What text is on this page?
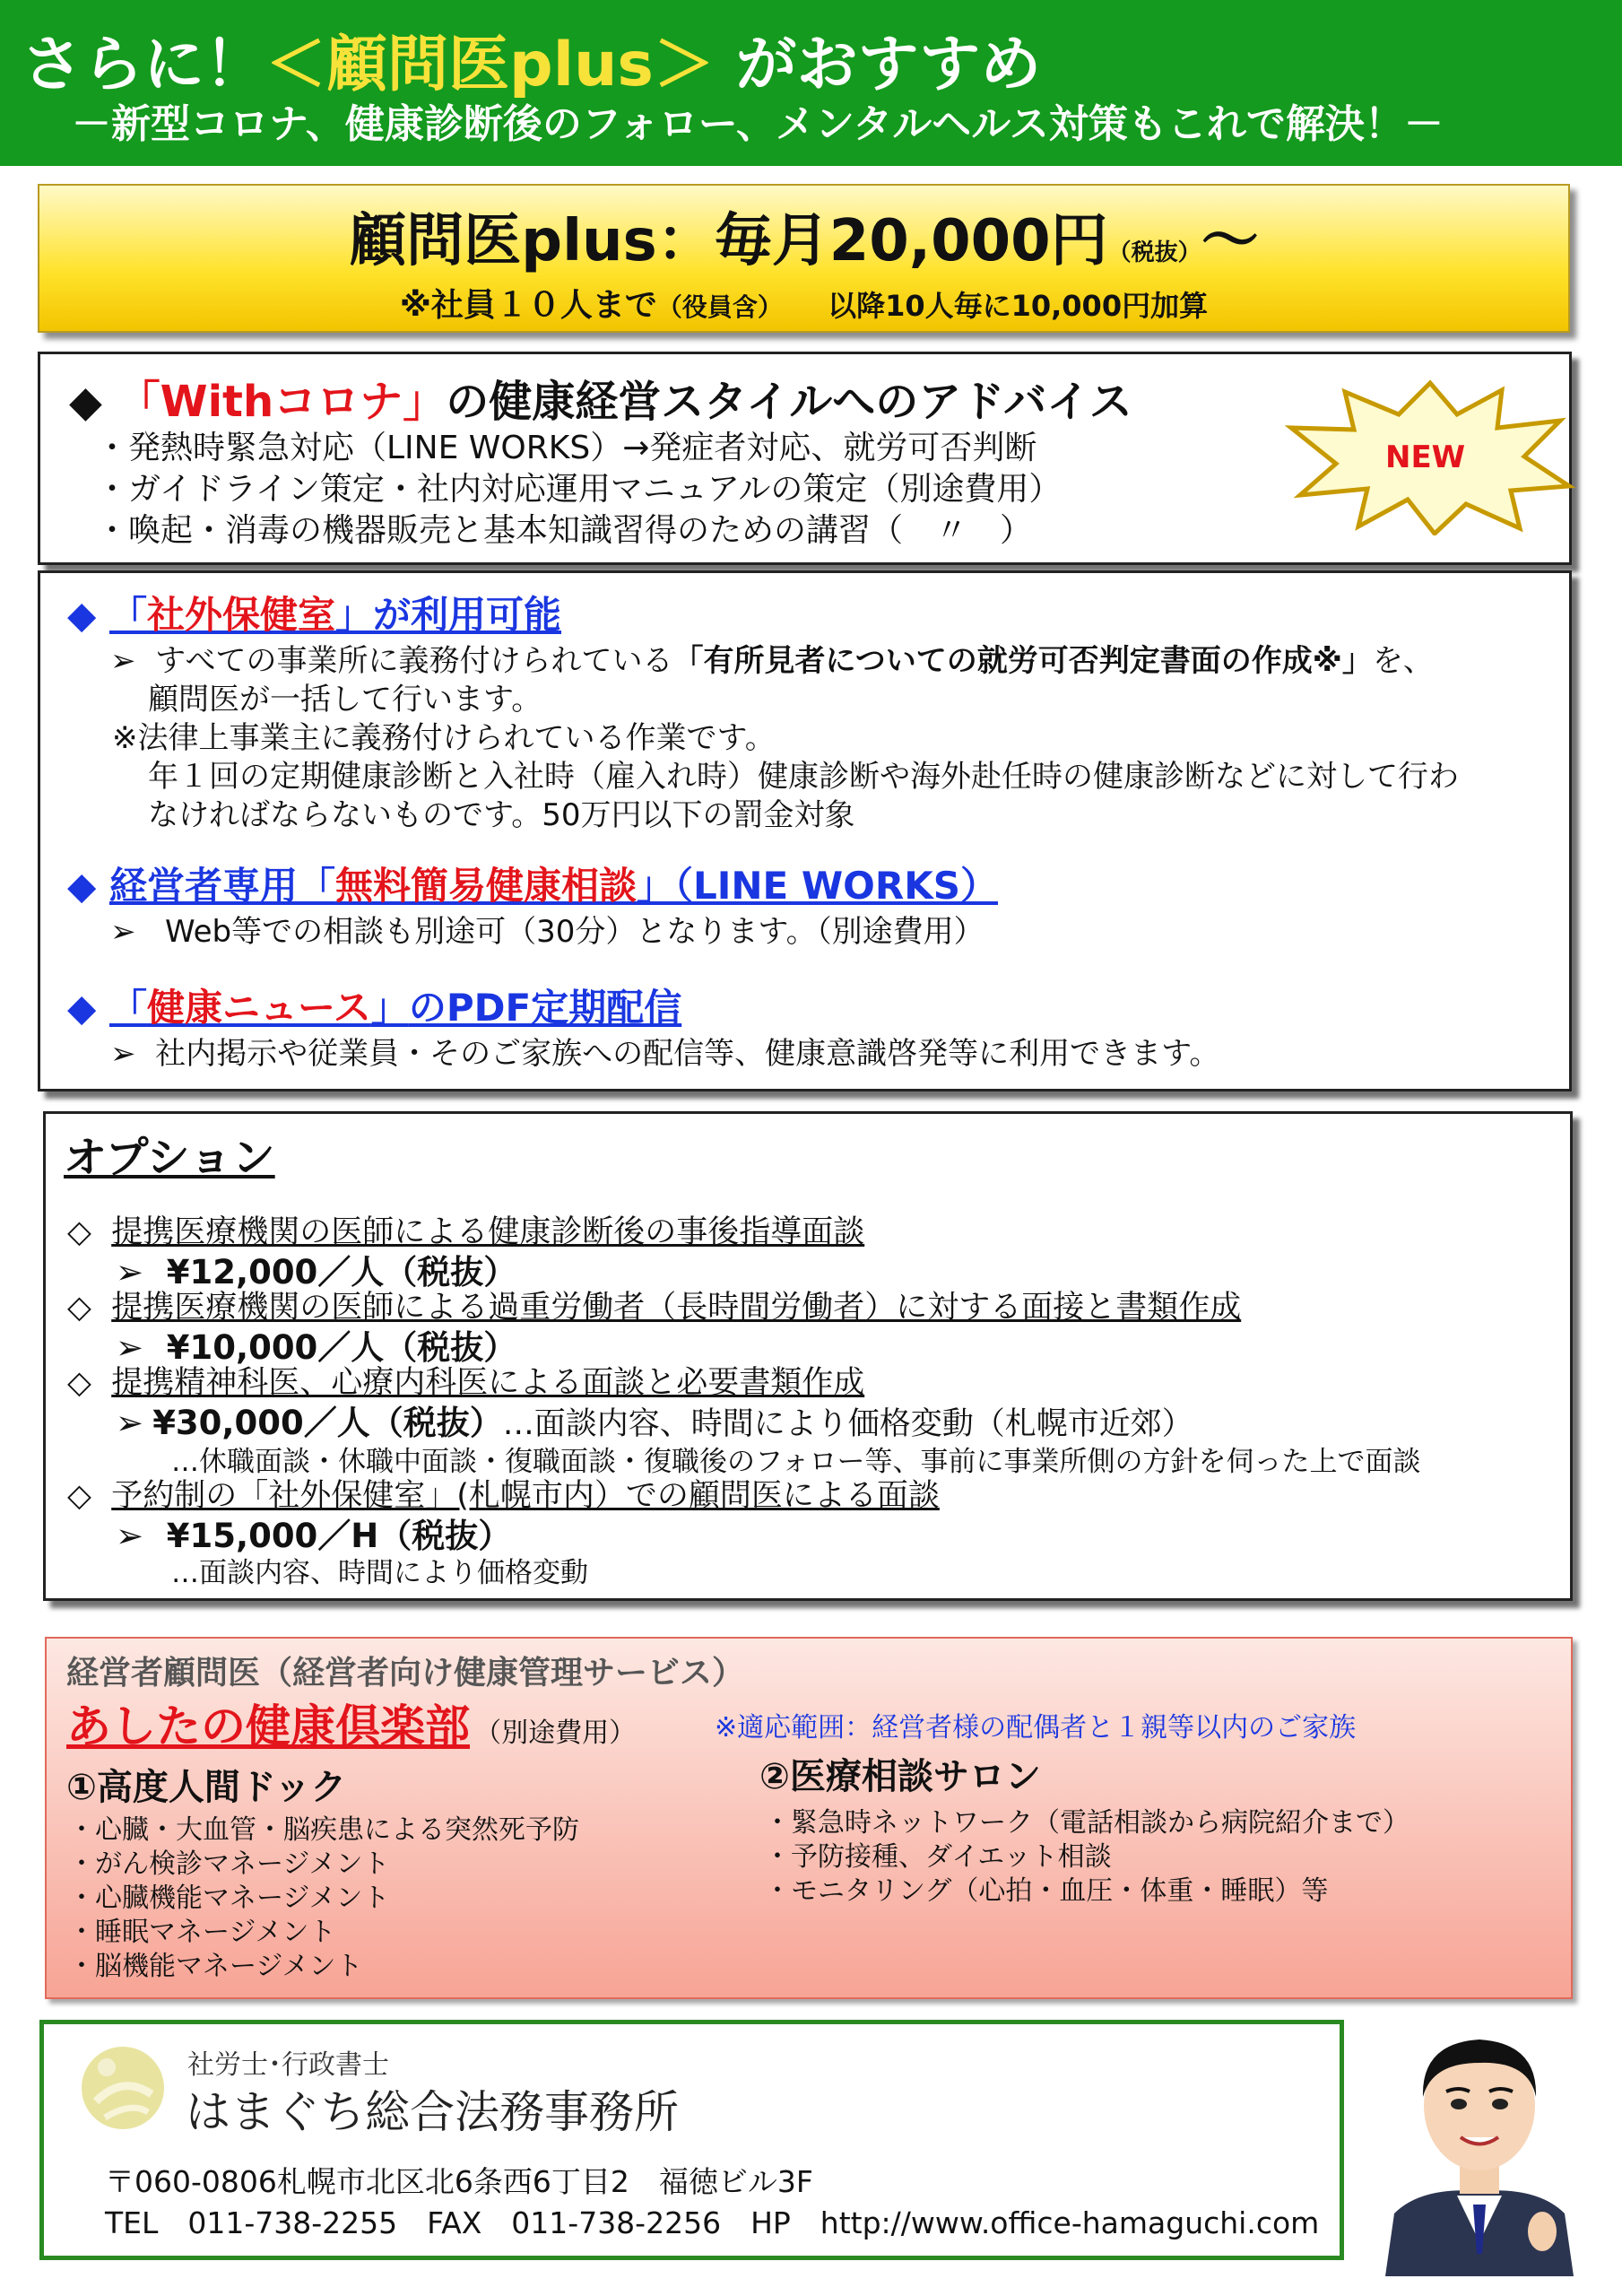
さらに！＜顧問医plus＞ がおすすめ
－新型コロナ、健康診断後のフォロー、メンタルヘルス対策もこれで解決！－
顧問医plus：毎月20,000円（税抜）～
※社員１０人まで（役員含） 以降10人毎に10,000円加算
◆ 「Withコロナ」の健康経営スタイルへのアドバイス
・発熱時緊急対応（LINE WORKS）→発症者対応、就労可否判断
・ガイドライン策定・社内対応運用マニュアルの策定（別途費用）
・喚起・消毒の機器販売と基本知識習得のための講習（　〃　）
NEW
◆ 「社外保健室」が利用可能
➢ すべての事業所に義務付けられている「有所見者についての就労可否判定書面の作成※」を、
顧問医が一括して行います。
※法律上事業主に義務付けられている作業です。
年１回の定期健康診断と入社時（雇入れ時）健康診断や海外赴任時の健康診断などに対して行わ
なければならないものです。50万円以下の罰金対象
◆ 経営者専用「無料簡易健康相談」（LINE WORKS）
➢ Web等での相談も別途可（30分）となります。（別途費用）
◆ 「健康ニュース」のPDF定期配信
➢ 社内掲示や従業員・そのご家族への配信等、健康意識啓発等に利用できます。
オプション
◇ 提携医療機関の医師による健康診断後の事後指導面談
➢ ¥12,000／人（税抜）
◇ 提携医療機関の医師による過重労働者（長時間労働者）に対する面接と書類作成
➢ ¥10,000／人（税抜）
◇ 提携精神科医、心療内科医による面談と必要書類作成
➢ ¥30,000／人（税抜）…面談内容、時間により価格変動（札幌市近郊）
…休職面談・休職中面談・復職面談・復職後のフォロー等、事前に事業所側の方針を伺った上で面談
◇ 予約制の「社外保健室」(札幌市内）での顧問医による面談
➢ ¥15,000／H（税抜）
…面談内容、時間により価格変動
経営者顧問医（経営者向け健康管理サービス）
あしたの健康倶楽部 （別途費用）	※適応範囲：経営者様の配偶者と１親等以内のご家族
①高度人間ドック
・心臓・大血管・脳疾患による突然死予防
・がん検診マネージメント
・心臓機能マネージメント
・睡眠マネージメント
・脳機能マネージメント
②医療相談サロン
・緊急時ネットワーク（電話相談から病院紹介まで）
・予防接種、ダイエット相談
・モニタリング（心拍・血圧・体重・睡眠）等
社労士･行政書士
はまぐち総合法務事務所
〒060-0806札幌市北区北6条西6丁目2　福徳ビル3F
TEL　011-738-2255　FAX　011-738-2256　HP　http://www.office-hamaguchi.com
